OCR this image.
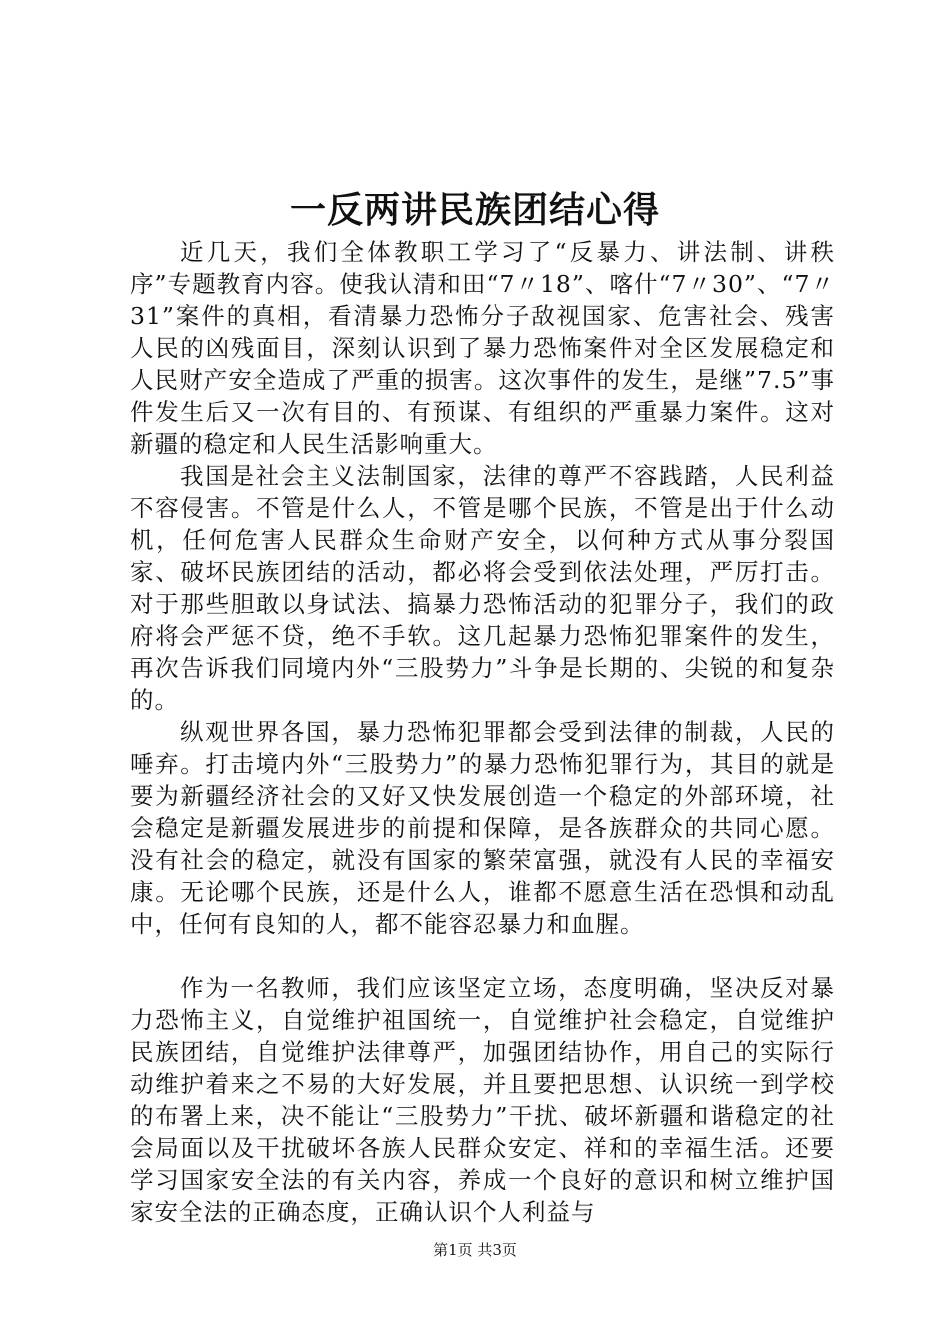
一反两讲民族团结心得

近几天，我们全体教职工学习了“反暴力、讲法制、讲秩序”专题教育内容。使我认清和田“7〃18”、喀什“7〃30”、“7〃31”案件的真相，看清暴力恐怖分子敌视国家、危害社会、残害人民的凶残面目，深刻认识到了暴力恐怖案件对全区发展稳定和人民财产安全造成了严重的损害。这次事件的发生，是继”7.5”事件发生后又一次有目的、有预谋、有组织的严重暴力案件。这对新疆的稳定和人民生活影响重大。

我国是社会主义法制国家，法律的尊严不容践踏，人民利益不容侵害。不管是什么人，不管是哪个民族，不管是出于什么动机，任何危害人民群众生命财产安全，以何种方式从事分裂国家、破坏民族团结的活动，都必将会受到依法处理，严厉打击。对于那些胆敢以身试法、搞暴力恐怖活动的犯罪分子，我们的政府将会严惩不贷，绝不手软。这几起暴力恐怖犯罪案件的发生，再次告诉我们同境内外“三股势力”斗争是长期的、尖锐的和复杂的。

纵观世界各国，暴力恐怖犯罪都会受到法律的制裁，人民的唾弃。打击境内外“三股势力”的暴力恐怖犯罪行为，其目的就是要为新疆经济社会的又好又快发展创造一个稳定的外部环境，社会稳定是新疆发展进步的前提和保障，是各族群众的共同心愿。没有社会的稳定，就没有国家的繁荣富强，就没有人民的幸福安康。无论哪个民族，还是什么人，谁都不愿意生活在恐惧和动乱中，任何有良知的人，都不能容忍暴力和血腥。

作为一名教师，我们应该坚定立场，态度明确，坚决反对暴力恐怖主义，自觉维护祖国统一，自觉维护社会稳定，自觉维护民族团结，自觉维护法律尊严，加强团结协作，用自己的实际行动维护着来之不易的大好发展，并且要把思想、认识统一到学校的布署上来，决不能让“三股势力”干扰、破坏新疆和谐稳定的社会局面以及干扰破坏各族人民群众安定、祥和的幸福生活。还要学习国家安全法的有关内容，养成一个良好的意识和树立维护国家安全法的正确态度，正确认识个人利益与

第1页 共3页
